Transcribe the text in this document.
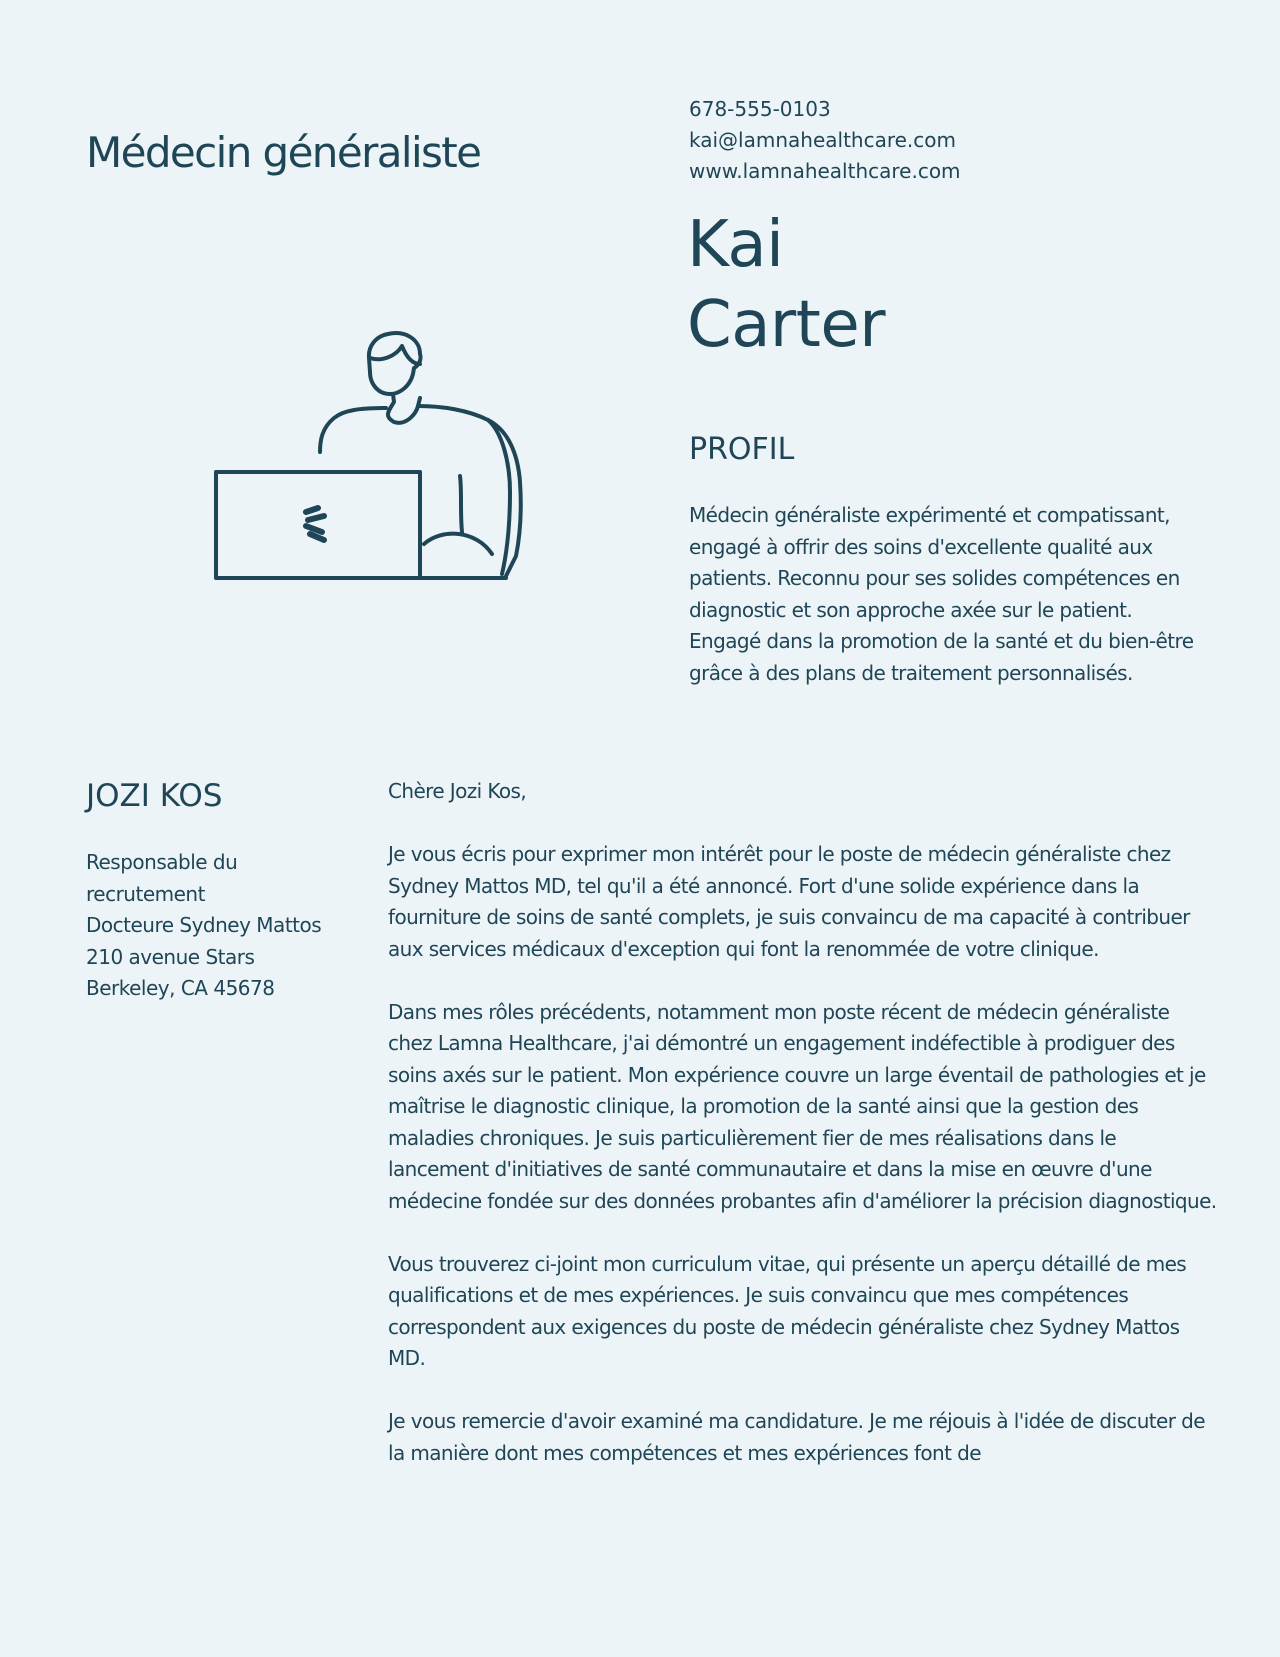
Médecin généraliste
678-555-0103
kai@lamnahealthcare.com
www.lamnahealthcare.com
Kai
Carter
PROFIL

Médecin généraliste expérimenté et compatissant, engagé à offrir des soins d'excellente qualité aux patients. Reconnu pour ses solides compétences en diagnostic et son approche axée sur le patient. Engagé dans la promotion de la santé et du bien-être grâce à des plans de traitement personnalisés.

JOZI KOS
Responsable du
recrutement
Docteure Sydney Mattos
210 avenue Stars
Berkeley, CA 45678

Chère Jozi Kos,

Je vous écris pour exprimer mon intérêt pour le poste de médecin généraliste chez Sydney Mattos MD, tel qu'il a été annoncé. Fort d'une solide expérience dans la fourniture de soins de santé complets, je suis convaincu de ma capacité à contribuer aux services médicaux d'exception qui font la renommée de votre clinique.

Dans mes rôles précédents, notamment mon poste récent de médecin généraliste chez Lamna Healthcare, j'ai démontré un engagement indéfectible à prodiguer des soins axés sur le patient. Mon expérience couvre un large éventail de pathologies et je maîtrise le diagnostic clinique, la promotion de la santé ainsi que la gestion des maladies chroniques. Je suis particulièrement fier de mes réalisations dans le lancement d'initiatives de santé communautaire et dans la mise en œuvre d'une médecine fondée sur des données probantes afin d'améliorer la précision diagnostique.

Vous trouverez ci-joint mon curriculum vitae, qui présente un aperçu détaillé de mes qualifications et de mes expériences. Je suis convaincu que mes compétences correspondent aux exigences du poste de médecin généraliste chez Sydney Mattos MD.

Je vous remercie d'avoir examiné ma candidature. Je me réjouis à l'idée de discuter de la manière dont mes compétences et mes expériences font de
